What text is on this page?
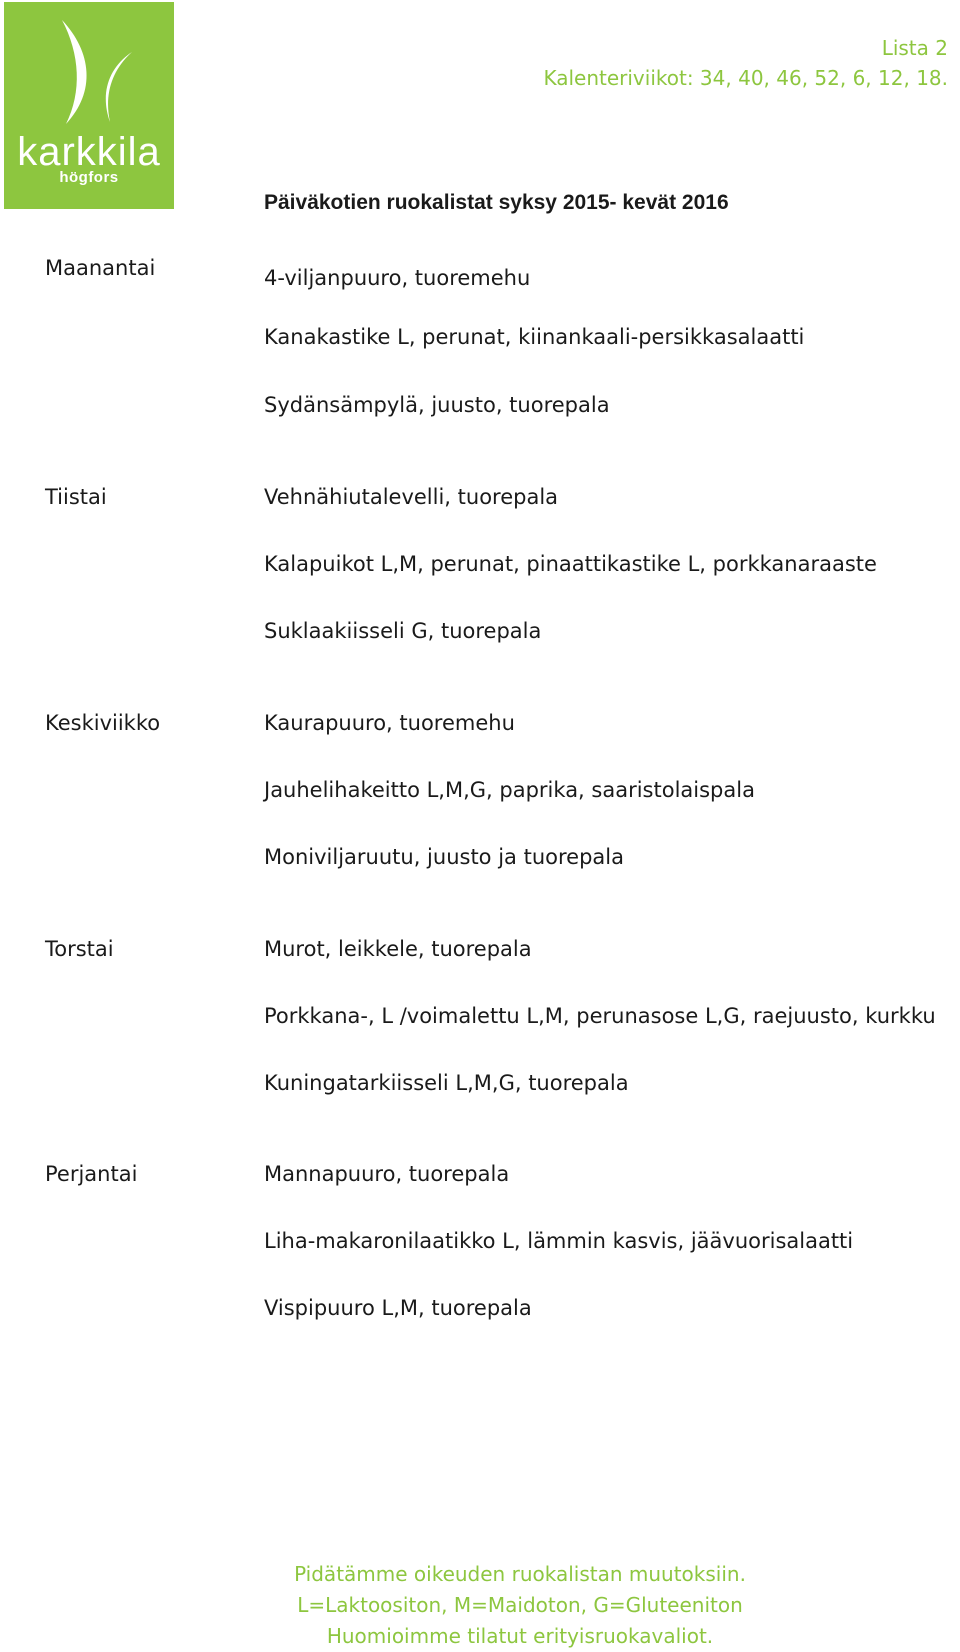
karkkila
högfors
Lista 2
Kalenteriviikot: 34, 40, 46, 52, 6, 12, 18.
Päiväkotien ruokalistat syksy 2015- kevät 2016
Maanantai	4-viljanpuuro, tuoremehu
Kanakastike L, perunat, kiinankaali-persikkasalaatti
Sydänsämpylä, juusto, tuorepala
Tiistai	Vehnähiutalevelli, tuorepala
Kalapuikot L,M, perunat, pinaattikastike L, porkkanaraaste
Suklaakiisseli G, tuorepala
Keskiviikko	Kaurapuuro, tuoremehu
Jauhelihakeitto L,M,G, paprika, saaristolaispala
Moniviljaruutu, juusto ja tuorepala
Torstai	Murot, leikkele, tuorepala
Porkkana-, L /voimalettu L,M, perunasose L,G, raejuusto, kurkku
Kuningatarkiisseli L,M,G, tuorepala
Perjantai	Mannapuuro, tuorepala
Liha-makaronilaatikko L, lämmin kasvis, jäävuorisalaatti
Vispipuuro L,M, tuorepala
Pidätämme oikeuden ruokalistan muutoksiin.
L=Laktoositon, M=Maidoton, G=Gluteeniton
Huomioimme tilatut erityisruokavaliot.
